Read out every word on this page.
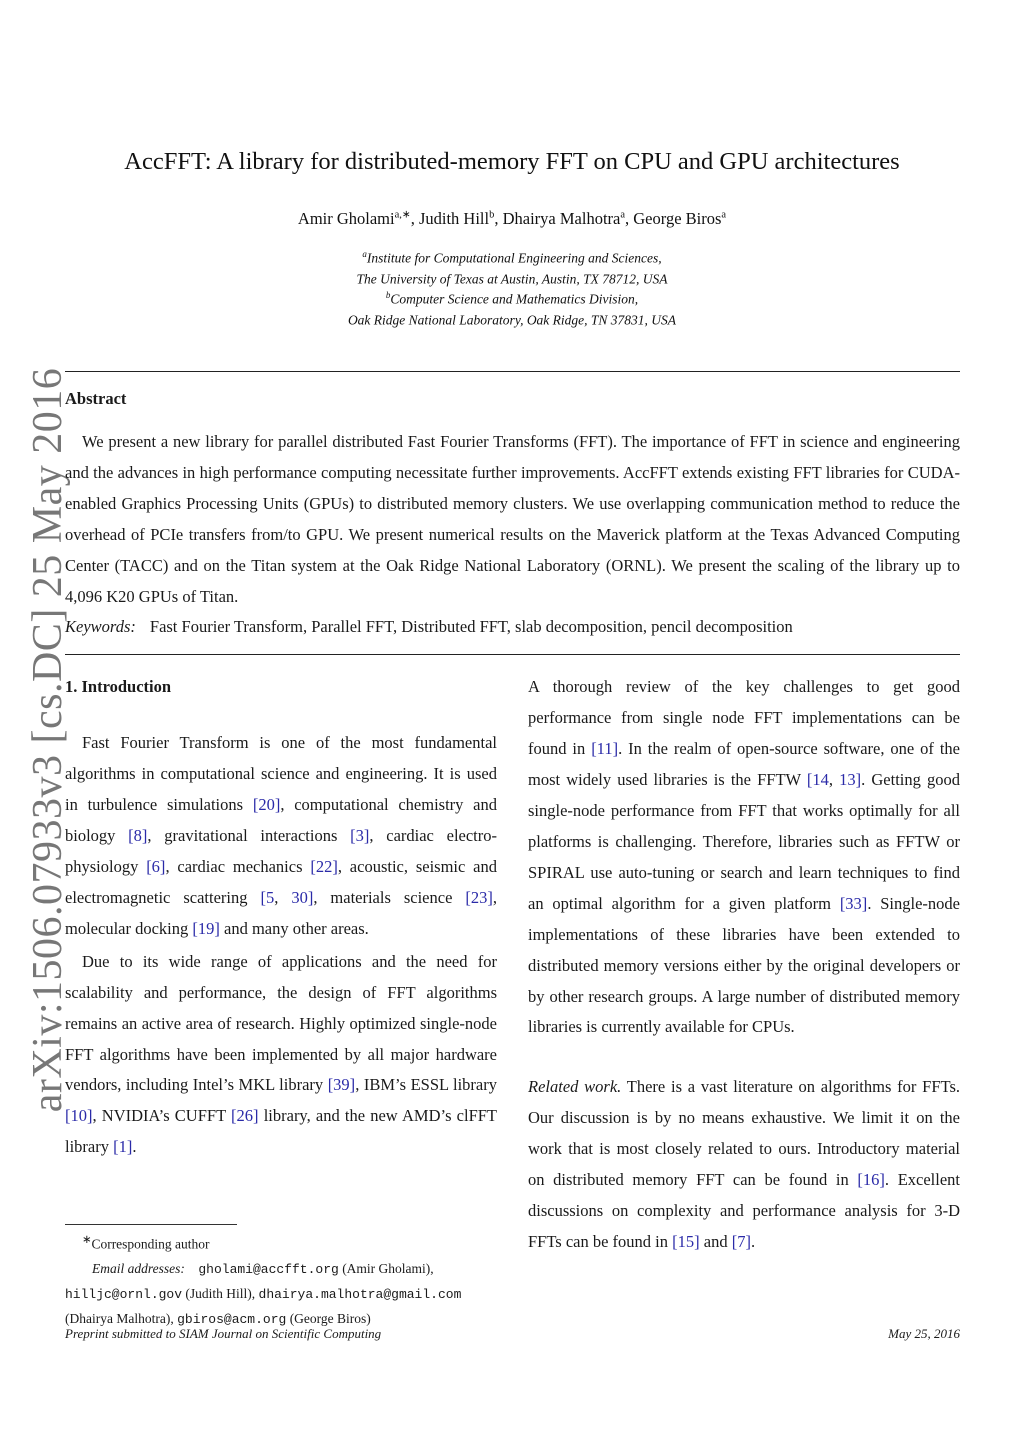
arXiv:1506.07933v3 [cs.DC] 25 May 2016
AccFFT: A library for distributed-memory FFT on CPU and GPU architectures
Amir Gholami$^{a,∗}$, Judith Hill$^b$, Dhairya Malhotra$^a$, George Biros$^a$
$^a$Institute for Computational Engineering and Sciences,
The University of Texas at Austin, Austin, TX 78712, USA
$^b$Computer Science and Mathematics Division,
Oak Ridge National Laboratory, Oak Ridge, TN 37831, USA
Abstract
We present a new library for parallel distributed Fast Fourier Transforms (FFT). The importance of FFT in science and engineering and the advances in high performance computing necessitate further improvements. AccFFT extends existing FFT libraries for CUDA-enabled Graphics Processing Units (GPUs) to distributed memory clusters. We use overlapping communication method to reduce the overhead of PCIe transfers from/to GPU. We present numerical results on the Maverick platform at the Texas Advanced Computing Center (TACC) and on the Titan system at the Oak Ridge National Laboratory (ORNL). We present the scaling of the library up to 4,096 K20 GPUs of Titan.
Keywords: Fast Fourier Transform, Parallel FFT, Distributed FFT, slab decomposition, pencil decomposition
1. Introduction

Fast Fourier Transform is one of the most fundamental algorithms in computational science and engineering. It is used in turbulence simulations [20], computational chemistry and biology [8], gravitational interactions [3], cardiac electro-physiology [6], cardiac mechanics [22], acoustic, seismic and electromagnetic scattering [5, 30], materials science [23], molecular docking [19] and many other areas.

Due to its wide range of applications and the need for scalability and performance, the design of FFT algorithms remains an active area of research. Highly optimized single-node FFT algorithms have been implemented by all major hardware vendors, including Intel’s MKL library [39], IBM’s ESSL library [10], NVIDIA’s CUFFT [26] library, and the new AMD’s clFFT library [1].

A thorough review of the key challenges to get good performance from single node FFT implementations can be found in [11]. In the realm of open-source software, one of the most widely used libraries is the FFTW [14, 13]. Getting good single-node performance from FFT that works optimally for all platforms is challenging. Therefore, libraries such as FFTW or SPIRAL use auto-tuning or search and learn techniques to find an optimal algorithm for a given platform [33]. Single-node implementations of these libraries have been extended to distributed memory versions either by the original developers or by other research groups. A large number of distributed memory libraries is currently available for CPUs.

Related work. There is a vast literature on algorithms for FFTs. Our discussion is by no means exhaustive. We limit it on the work that is most closely related to ours. Introductory material on distributed memory FFT can be found in [16]. Excellent discussions on complexity and performance analysis for 3-D FFTs can be found in [15] and [7].

∗Corresponding author
Email addresses: gholami@accfft.org (Amir Gholami),
hilljc@ornl.gov (Judith Hill), dhairya.malhotra@gmail.com
(Dhairya Malhotra), gbiros@acm.org (George Biros)
Preprint submitted to SIAM Journal on Scientific Computing	May 25, 2016
